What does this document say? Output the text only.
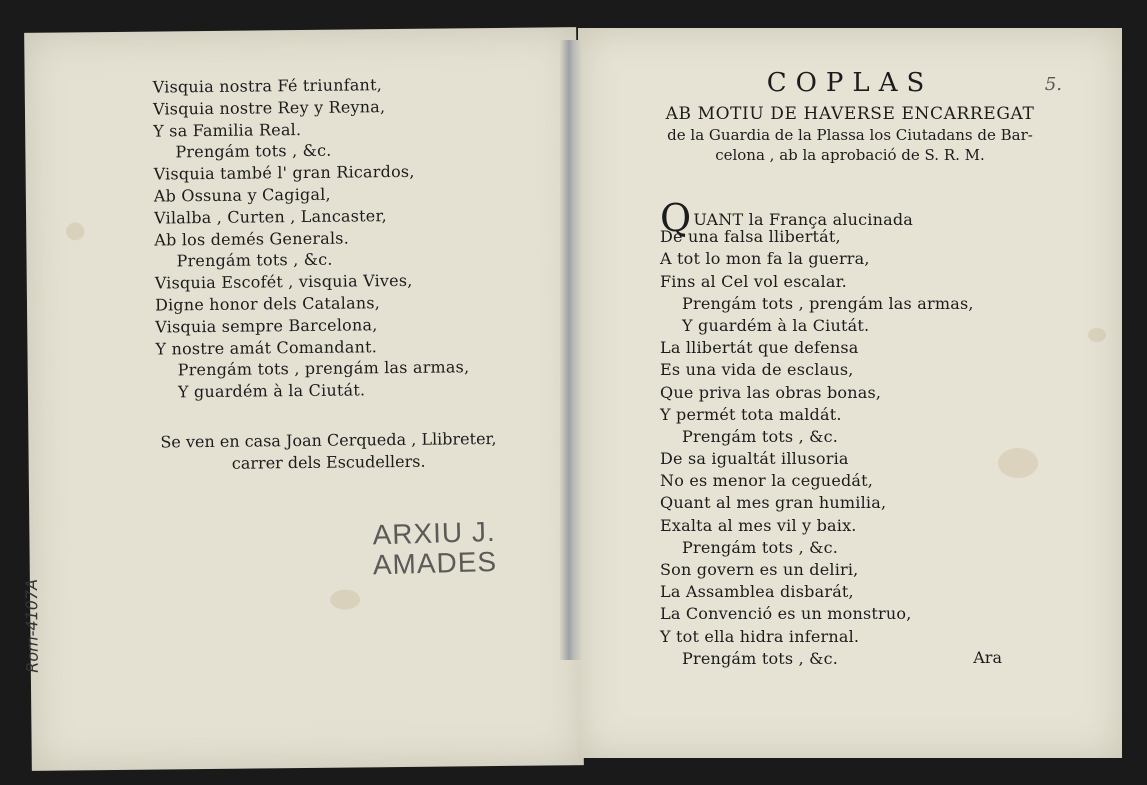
Visquia nostra Fé triunfant,
Visquia nostre Rey y Reyna,
Y sa Familia Real.
Prengám tots , &c.
Visquia també l' gran Ricardos,
Ab Ossuna y Cagigal,
Vilalba , Curten , Lancaster,
Ab los demés Generals.
Prengám tots , &c.
Visquia Escofét , visquia Vives,
Digne honor dels Catalans,
Visquia sempre Barcelona,
Y nostre amát Comandant.
Prengám tots , prengám las armas,
Y guardém à la Ciutát.
Se ven en casa Joan Cerqueda , Llibreter,
carrer dels Escudellers.
ARXIU J.
AMADES
Rom-4107A
COPLAS	5.
AB MOTIU DE HAVERSE ENCARREGAT
de la Guardia de la Plassa los Ciutadans de Bar-
celona , ab la aprobació de S. R. M.
QUANT la França alucinada
De una falsa llibertát,
A tot lo mon fa la guerra,
Fins al Cel vol escalar.
Prengám tots , prengám las armas,
Y guardém à la Ciutát.
La llibertát que defensa
Es una vida de esclaus,
Que priva las obras bonas,
Y permét tota maldát.
Prengám tots , &c.
De sa igualtát illusoria
No es menor la ceguedát,
Quant al mes gran humilia,
Exalta al mes vil y baix.
Prengám tots , &c.
Son govern es un deliri,
La Assamblea disbarát,
La Convenció es un monstruo,
Y tot ella hidra infernal.
Prengám tots , &c.	Ara
